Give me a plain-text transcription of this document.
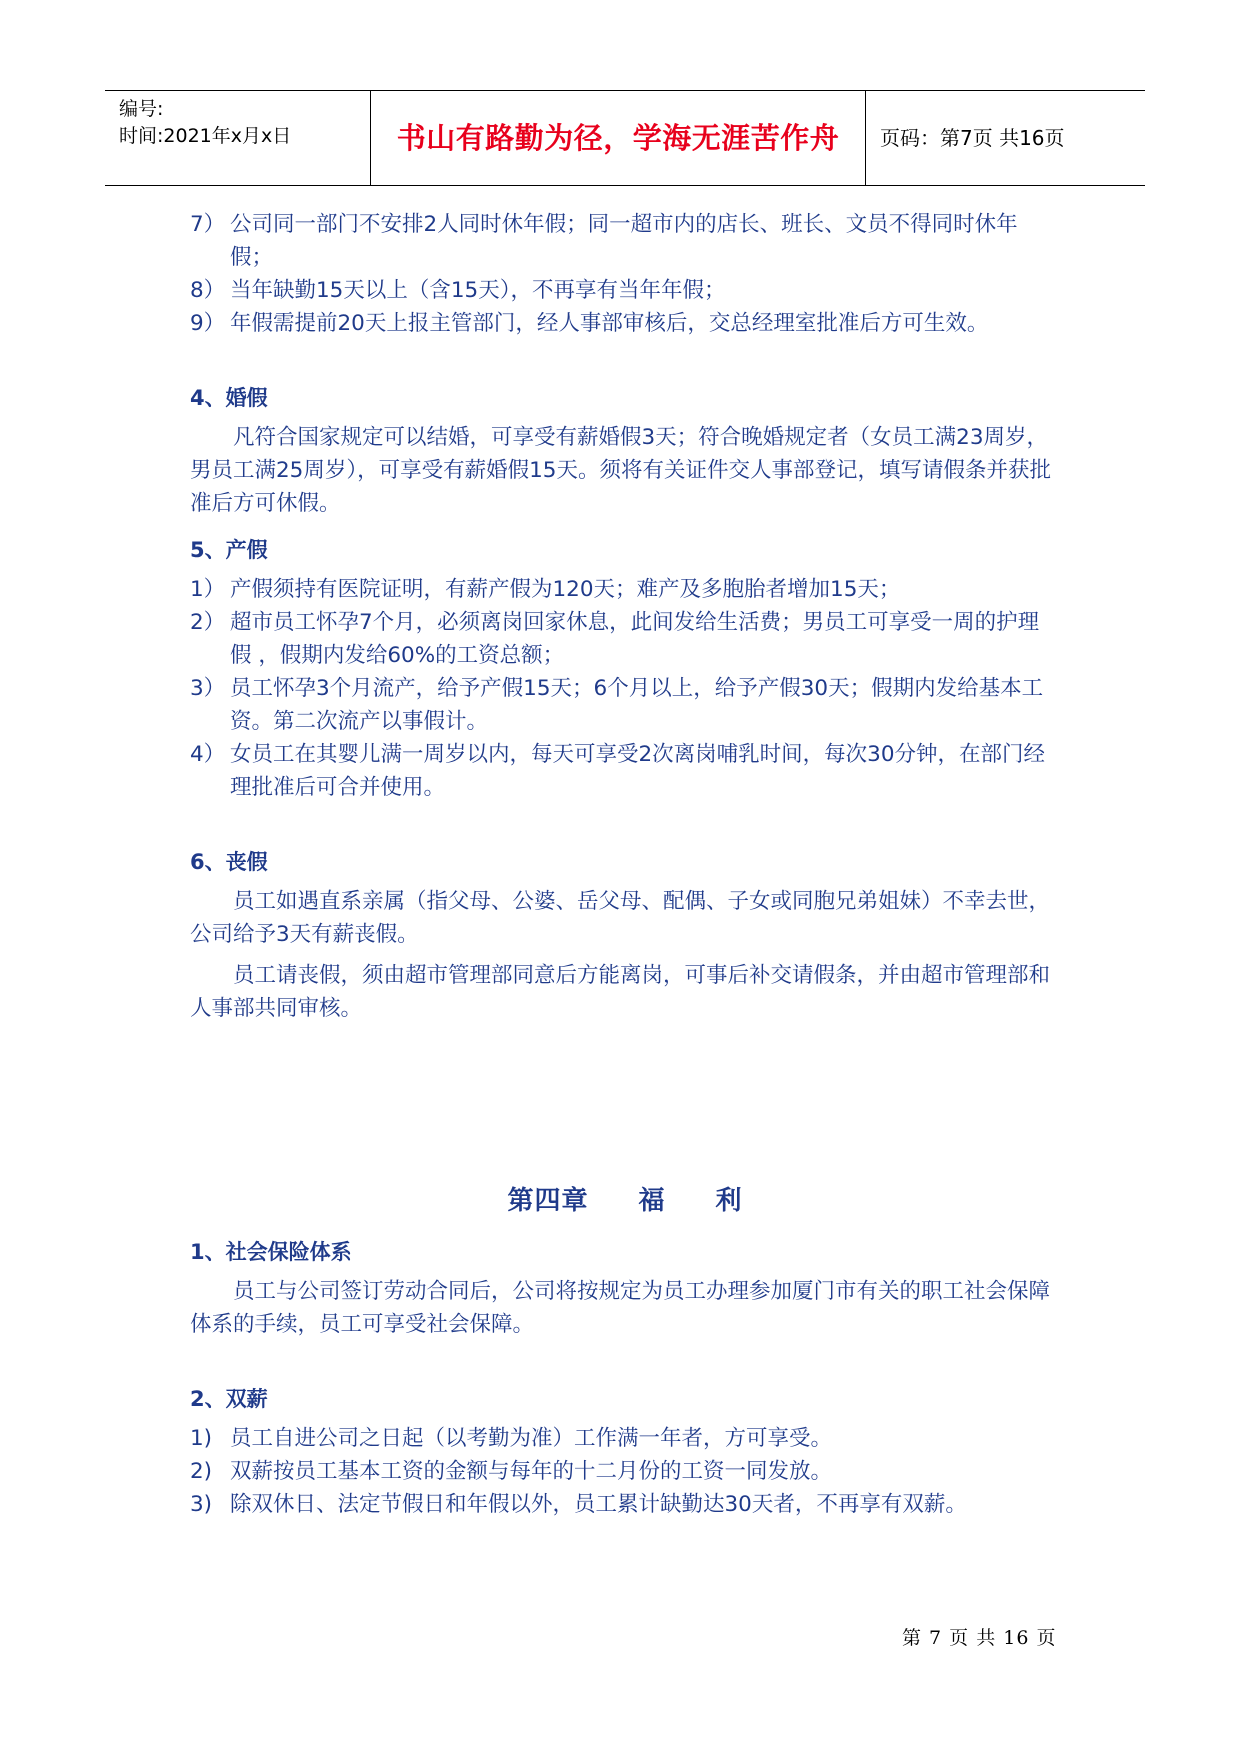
编号:
时间:2021年x月x日	书山有路勤为径，学海无涯苦作舟	页码：第7页 共16页
7） 公司同一部门不安排2人同时休年假；同一超市内的店长、班长、文员不得同时休年假；
8） 当年缺勤15天以上（含15天），不再享有当年年假；
9） 年假需提前20天上报主管部门，经人事部审核后，交总经理室批准后方可生效。
4、婚假
凡符合国家规定可以结婚，可享受有薪婚假3天；符合晚婚规定者（女员工满23周岁，男员工满25周岁），可享受有薪婚假15天。须将有关证件交人事部登记，填写请假条并获批准后方可休假。
5、产假
1） 产假须持有医院证明，有薪产假为120天；难产及多胞胎者增加15天；
2） 超市员工怀孕7个月，必须离岗回家休息，此间发给生活费；男员工可享受一周的护理假 ，假期内发给60%的工资总额；
3） 员工怀孕3个月流产，给予产假15天；6个月以上，给予产假30天；假期内发给基本工资。第二次流产以事假计。
4） 女员工在其婴儿满一周岁以内，每天可享受2次离岗哺乳时间，每次30分钟，在部门经理批准后可合并使用。
6、丧假
员工如遇直系亲属（指父母、公婆、岳父母、配偶、子女或同胞兄弟姐妹）不幸去世，公司给予3天有薪丧假。
员工请丧假，须由超市管理部同意后方能离岗，可事后补交请假条，并由超市管理部和人事部共同审核。
第四章 福 利
1、社会保险体系
员工与公司签订劳动合同后，公司将按规定为员工办理参加厦门市有关的职工社会保障体系的手续，员工可享受社会保障。
2、双薪
1) 员工自进公司之日起（以考勤为准）工作满一年者，方可享受。
2) 双薪按员工基本工资的金额与每年的十二月份的工资一同发放。
3) 除双休日、法定节假日和年假以外，员工累计缺勤达30天者，不再享有双薪。
第 7 页 共 16 页
